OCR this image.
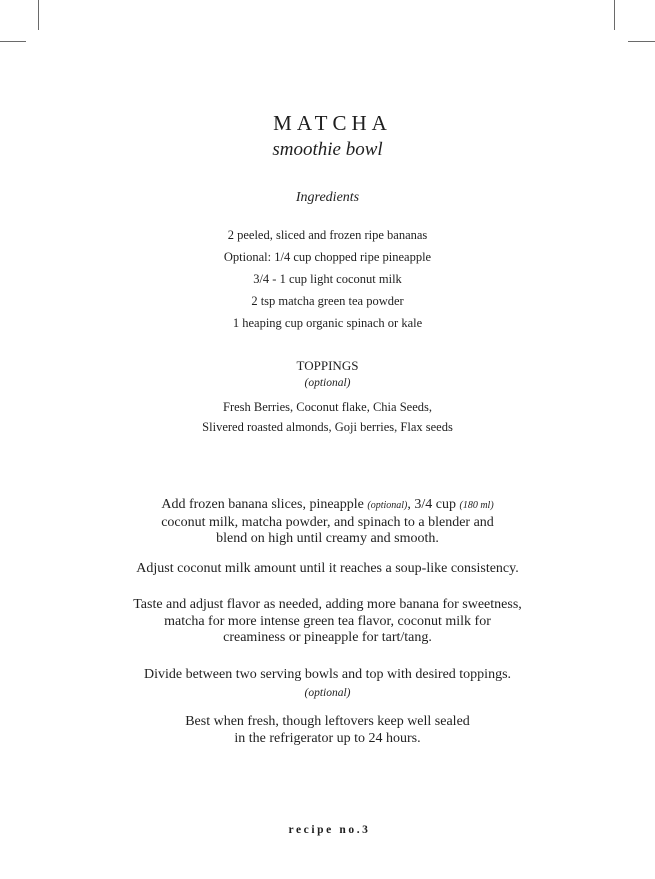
MATCHA
smoothie bowl
Ingredients
2 peeled, sliced and frozen ripe bananas
Optional: 1/4 cup chopped ripe pineapple
3/4 - 1 cup light coconut milk
2 tsp matcha green tea powder
1 heaping cup organic spinach or kale
TOPPINGS
(optional)
Fresh Berries, Coconut flake, Chia Seeds,
Slivered roasted almonds, Goji berries, Flax seeds
Add frozen banana slices, pineapple (optional), 3/4 cup (180 ml)
coconut milk, matcha powder, and spinach to a blender and
blend on high until creamy and smooth.
Adjust coconut milk amount until it reaches a soup-like consistency.
Taste and adjust flavor as needed, adding more banana for sweetness,
matcha for more intense green tea flavor, coconut milk for
creaminess or pineapple for tart/tang.
Divide between two serving bowls and top with desired toppings.
(optional)
Best when fresh, though leftovers keep well sealed
in the refrigerator up to 24 hours.
recipe no.3
